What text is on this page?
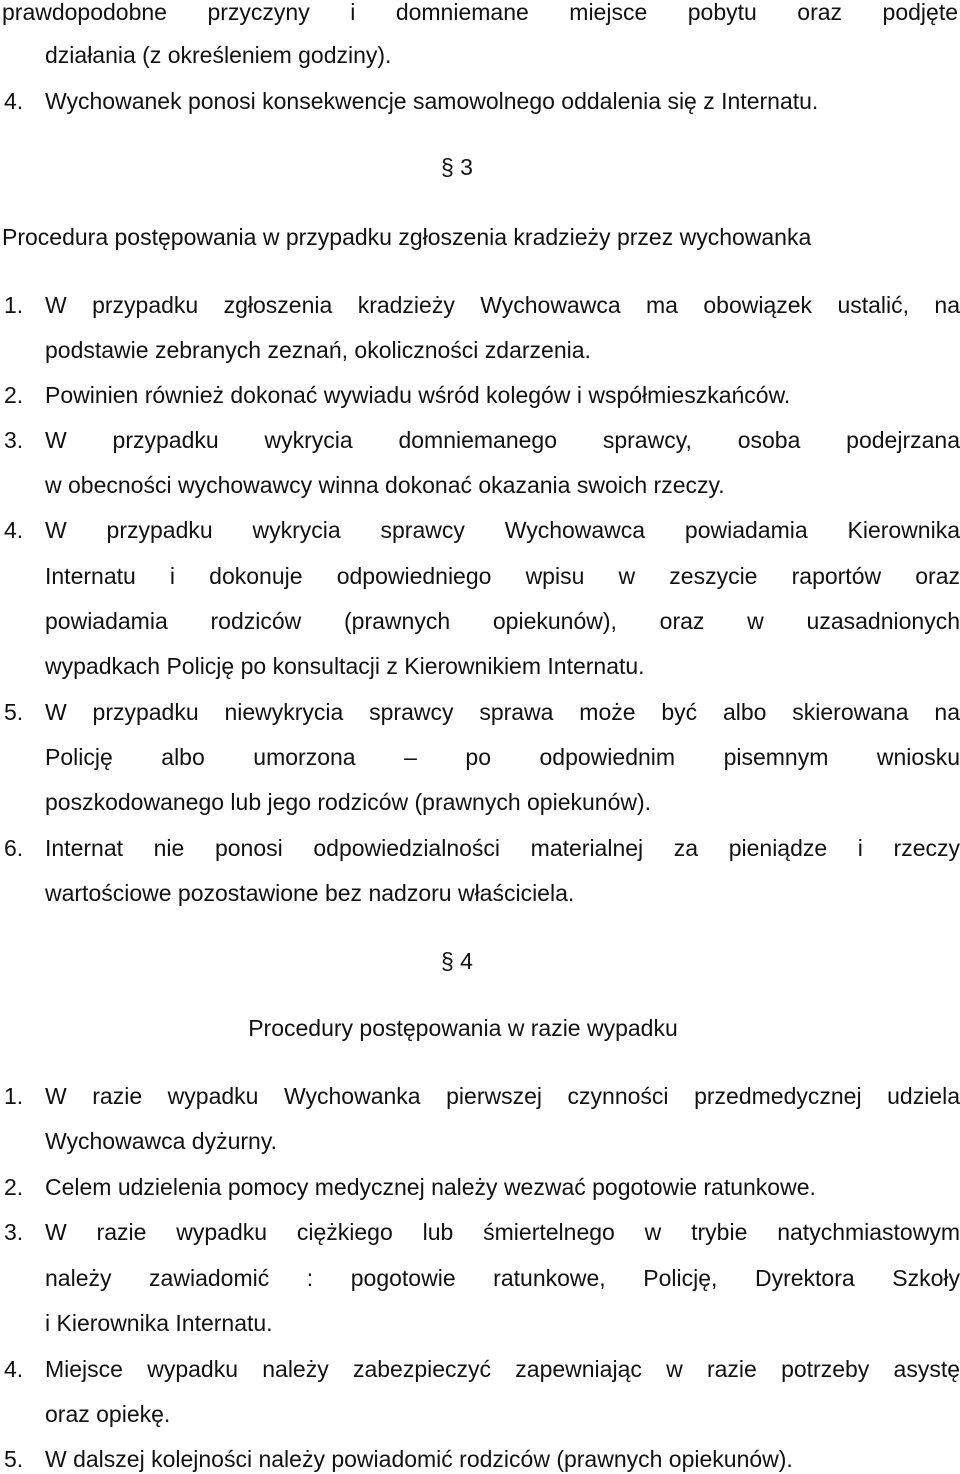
prawdopodobne przyczyny i domniemane miejsce pobytu oraz podjęte
działania (z określeniem godziny).
4. Wychowanek ponosi konsekwencje samowolnego oddalenia się z Internatu.
§ 3
Procedura postępowania w przypadku zgłoszenia kradzieży przez wychowanka
1. W przypadku zgłoszenia kradzieży Wychowawca ma obowiązek ustalić, na
podstawie zebranych zeznań, okoliczności zdarzenia.
2. Powinien również dokonać wywiadu wśród kolegów i współmieszkańców.
3. W przypadku wykrycia domniemanego sprawcy, osoba podejrzana
w obecności wychowawcy winna dokonać okazania swoich rzeczy.
4. W przypadku wykrycia sprawcy Wychowawca powiadamia Kierownika
Internatu i dokonuje odpowiedniego wpisu w zeszycie raportów oraz
powiadamia rodziców (prawnych opiekunów), oraz w uzasadnionych
wypadkach Policję po konsultacji z Kierownikiem Internatu.
5. W przypadku niewykrycia sprawcy sprawa może być albo skierowana na
Policję albo umorzona – po odpowiednim pisemnym wniosku
poszkodowanego lub jego rodziców (prawnych opiekunów).
6. Internat nie ponosi odpowiedzialności materialnej za pieniądze i rzeczy
wartościowe pozostawione bez nadzoru właściciela.
§ 4
Procedury postępowania w razie wypadku
1. W razie wypadku Wychowanka pierwszej czynności przedmedycznej udziela
Wychowawca dyżurny.
2. Celem udzielenia pomocy medycznej należy wezwać pogotowie ratunkowe.
3. W razie wypadku ciężkiego lub śmiertelnego w trybie natychmiastowym
należy zawiadomić : pogotowie ratunkowe, Policję, Dyrektora Szkoły
i Kierownika Internatu.
4. Miejsce wypadku należy zabezpieczyć zapewniając w razie potrzeby asystę
oraz opiekę.
5. W dalszej kolejności należy powiadomić rodziców (prawnych opiekunów).
